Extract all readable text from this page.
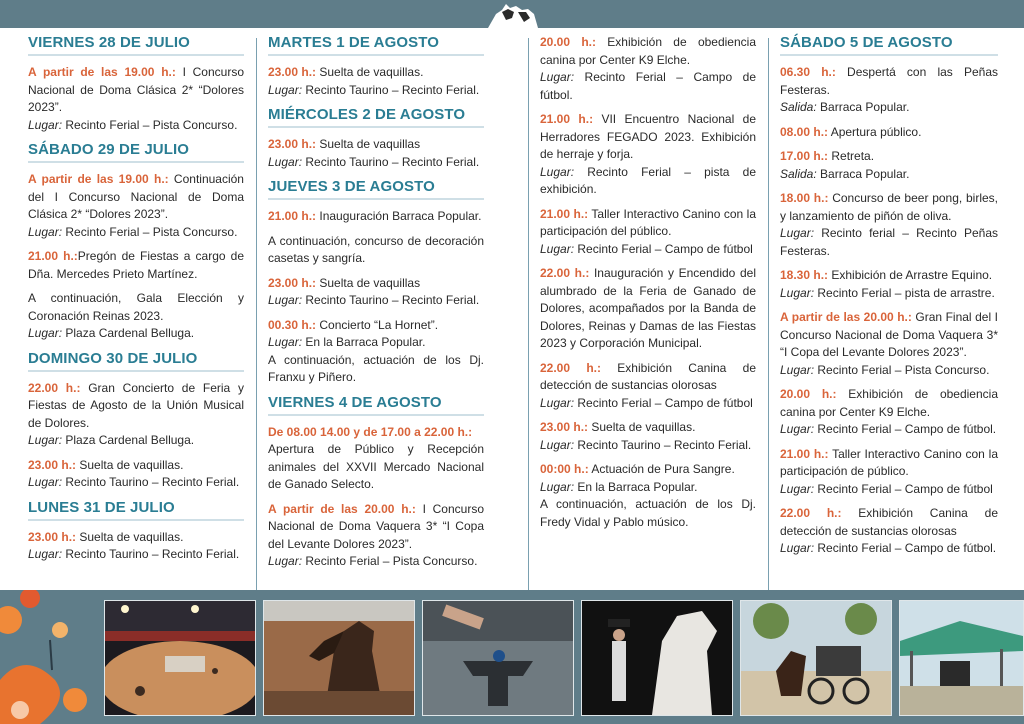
VIERNES 28 DE JULIO
A partir de las 19.00 h.: I Concurso Nacional de Doma Clásica 2* “Dolores 2023”.
Lugar: Recinto Ferial – Pista Concurso.
SÁBADO 29 DE JULIO
A partir de las 19.00 h.: Continuación del I Concurso Nacional de Doma Clásica 2* “Dolores 2023”.
Lugar: Recinto Ferial – Pista Concurso.
21.00 h.:Pregón de Fiestas a cargo de Dña. Mercedes Prieto Martínez.
A continuación, Gala Elección y Coronación Reinas 2023.
Lugar: Plaza Cardenal Belluga.
DOMINGO 30 DE JULIO
22.00 h.: Gran Concierto de Feria y Fiestas de Agosto de la Unión Musical de Dolores.
Lugar: Plaza Cardenal Belluga.
23.00 h.: Suelta de vaquillas.
Lugar: Recinto Taurino – Recinto Ferial.
LUNES 31 DE JULIO
23.00 h.: Suelta de vaquillas.
Lugar: Recinto Taurino – Recinto Ferial.
MARTES 1 DE AGOSTO
23.00 h.: Suelta de vaquillas.
Lugar: Recinto Taurino – Recinto Ferial.
MIÉRCOLES 2 DE AGOSTO
23.00 h.: Suelta de vaquillas
Lugar: Recinto Taurino – Recinto Ferial.
JUEVES 3 DE AGOSTO
21.00 h.: Inauguración Barraca Popular.
A continuación, concurso de decoración casetas y sangría.
23.00 h.: Suelta de vaquillas
Lugar: Recinto Taurino – Recinto Ferial.
00.30 h.: Concierto “La Hornet”.
Lugar: En la Barraca Popular.
A continuación, actuación de los Dj. Franxu y Piñero.
VIERNES 4 DE AGOSTO
De 08.00 14.00 y de 17.00 a 22.00 h.:
Apertura de Público y Recepción animales del XXVII Mercado Nacional de Ganado Selecto.
A partir de las 20.00 h.: I Concurso Nacional de Doma Vaquera 3* “I Copa del Levante Dolores 2023”.
Lugar: Recinto Ferial – Pista Concurso.
20.00 h.: Exhibición de obediencia canina por Center K9 Elche.
Lugar: Recinto Ferial – Campo de fútbol.
21.00 h.: VII Encuentro Nacional de Herradores FEGADO 2023. Exhibición de herraje y forja.
Lugar: Recinto Ferial – pista de exhibición.
21.00 h.: Taller Interactivo Canino con la participación del público.
Lugar: Recinto Ferial – Campo de fútbol
22.00 h.: Inauguración y Encendido del alumbrado de la Feria de Ganado de Dolores, acompañados por la Banda de Dolores, Reinas y Damas de las Fiestas 2023 y Corporación Municipal.
22.00 h.: Exhibición Canina de detección de sustancias olorosas
Lugar: Recinto Ferial – Campo de fútbol
23.00 h.: Suelta de vaquillas.
Lugar: Recinto Taurino – Recinto Ferial.
00:00 h.: Actuación de Pura Sangre.
Lugar: En la Barraca Popular.
A continuación, actuación de los Dj. Fredy Vidal y Pablo músico.
SÁBADO 5 DE AGOSTO
06.30 h.: Despertá con las Peñas Festeras.
Salida: Barraca Popular.
08.00 h.: Apertura público.
17.00 h.: Retreta.
Salida: Barraca Popular.
18.00 h.: Concurso de beer pong, birles, y lanzamiento de piñón de oliva.
Lugar: Recinto ferial – Recinto Peñas Festeras.
18.30 h.: Exhibición de Arrastre Equino.
Lugar: Recinto Ferial – pista de arrastre.
A partir de las 20.00 h.: Gran Final del I Concurso Nacional de Doma Vaquera 3* “I Copa del Levante Dolores 2023”.
Lugar: Recinto Ferial – Pista Concurso.
20.00 h.: Exhibición de obediencia canina por Center K9 Elche.
Lugar: Recinto Ferial – Campo de fútbol.
21.00 h.: Taller Interactivo Canino con la participación de público.
Lugar: Recinto Ferial – Campo de fútbol
22.00 h.: Exhibición Canina de detección de sustancias olorosas
Lugar: Recinto Ferial – Campo de fútbol.
